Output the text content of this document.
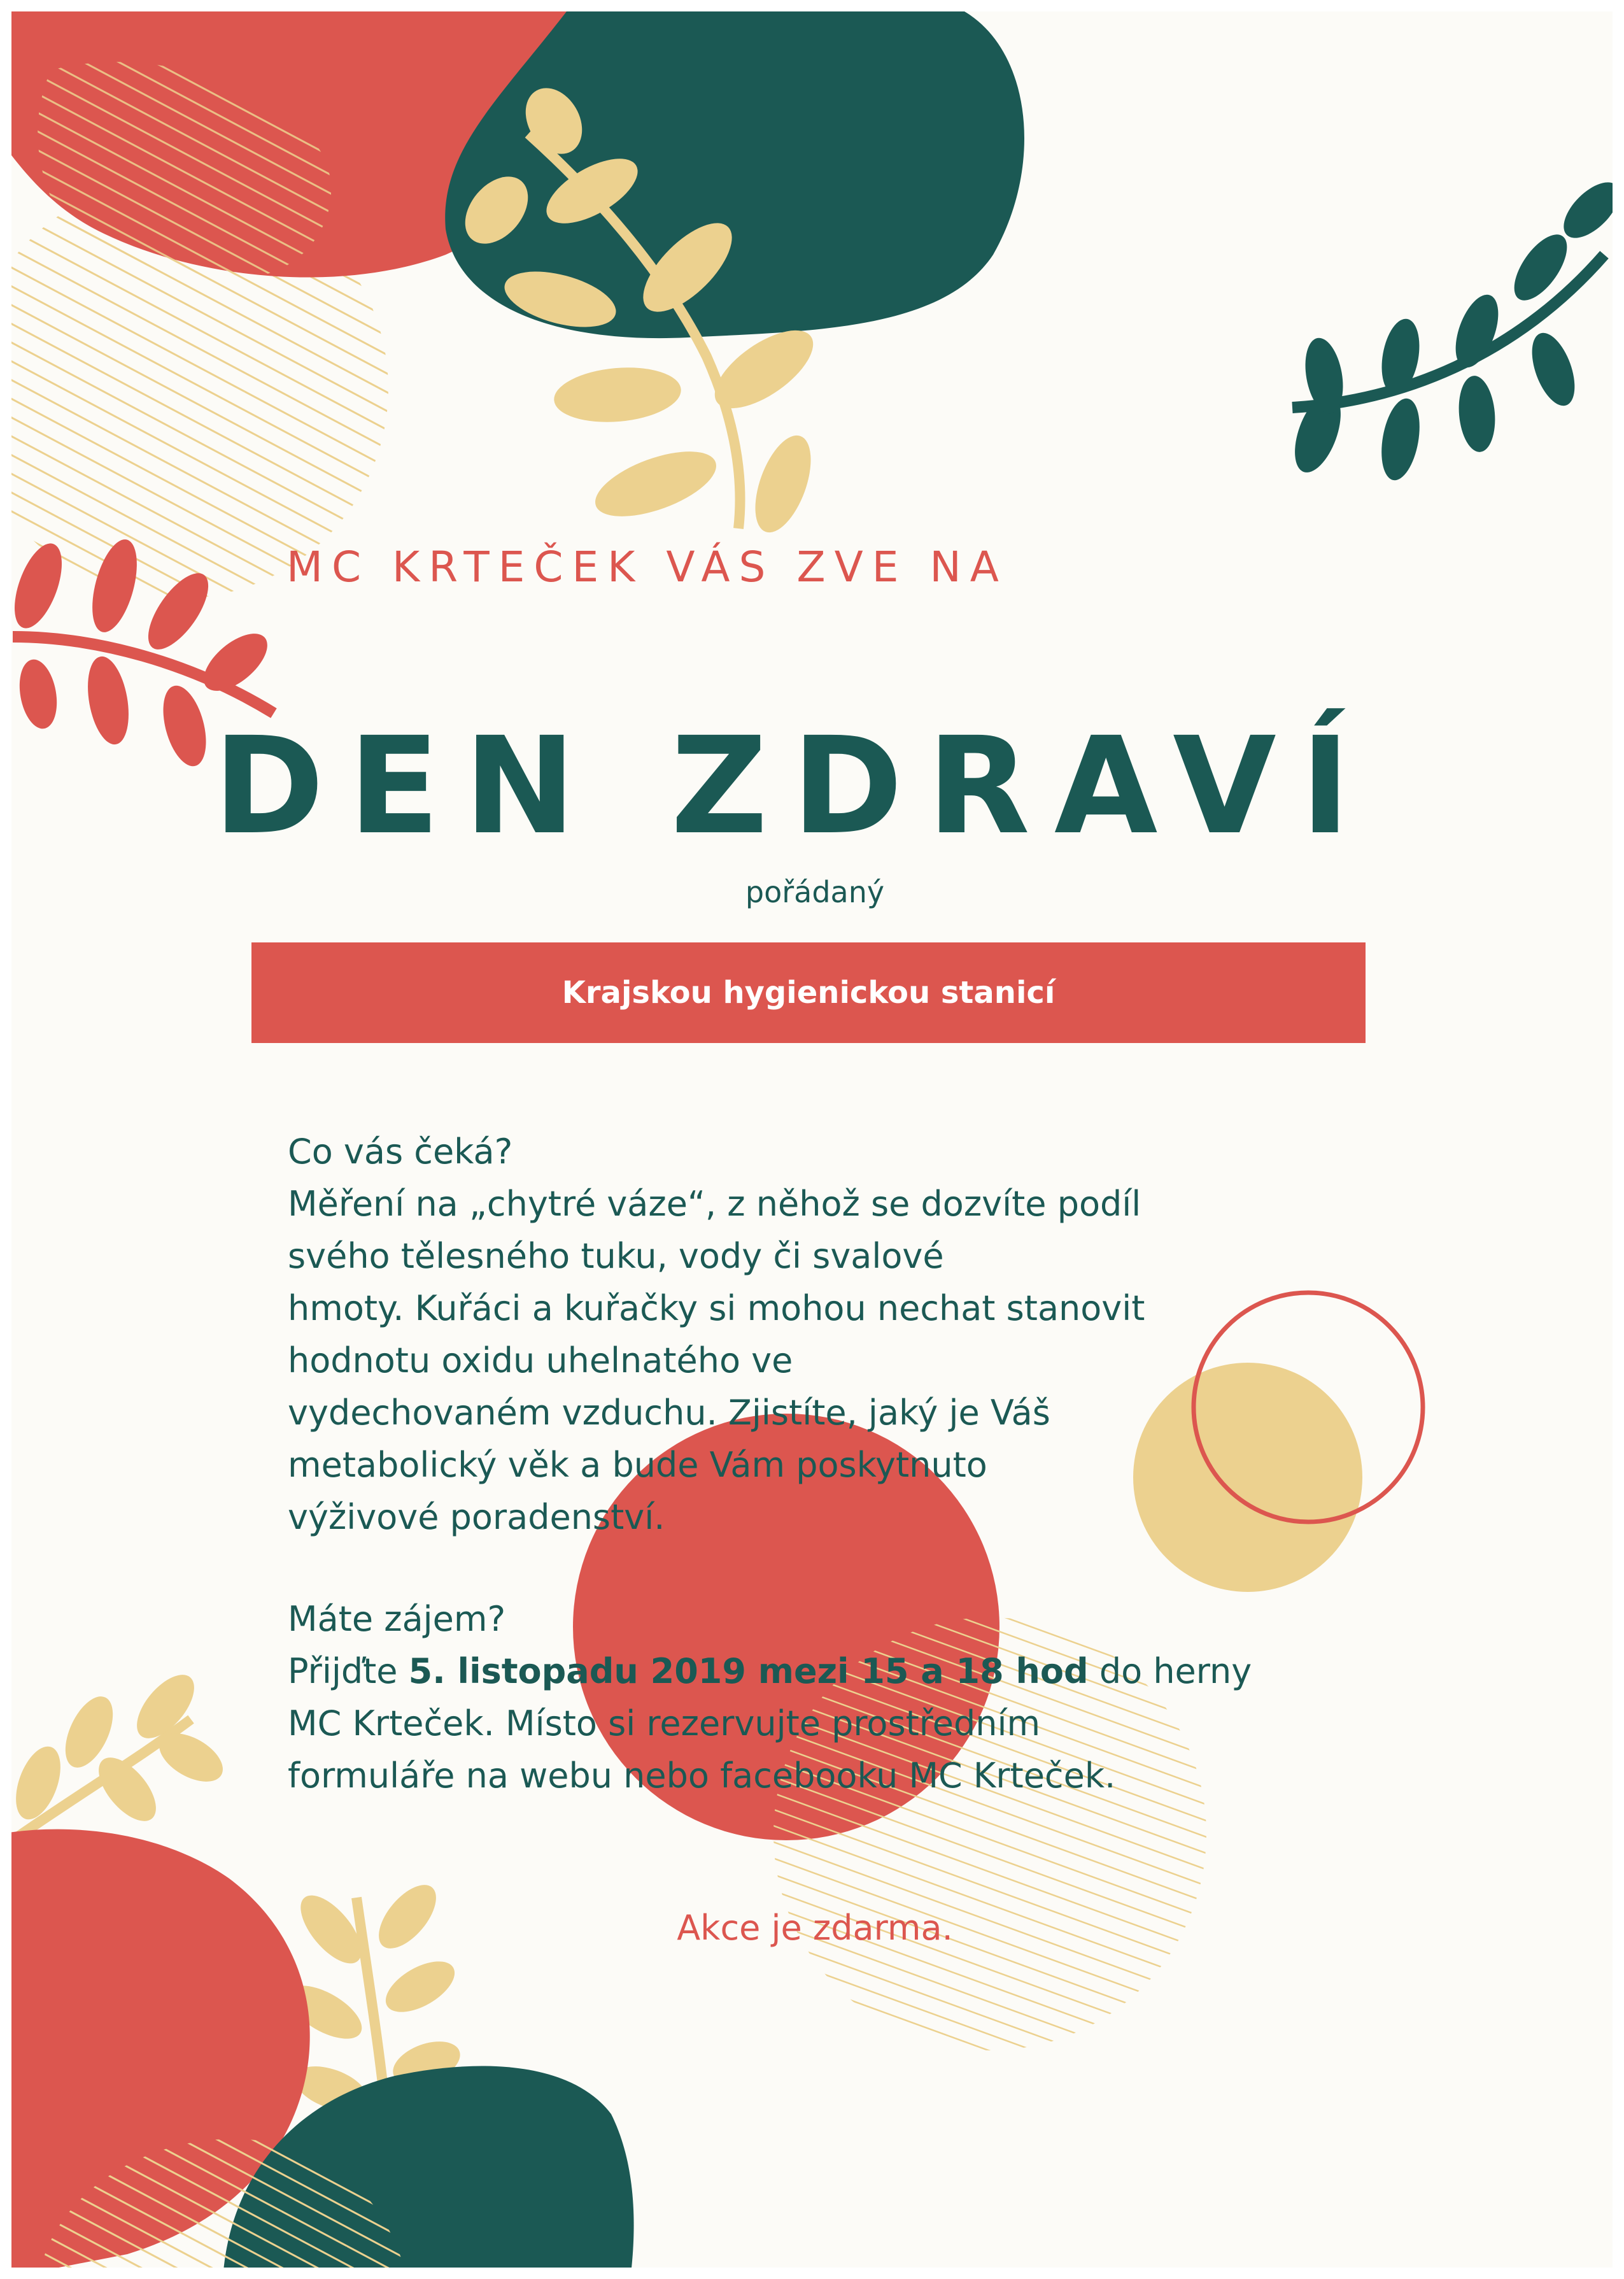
MC KRTEČEK VÁS ZVE NA

DEN ZDRAVÍ

pořádaný

Krajskou hygienickou stanicí
Co vás čeká?
Měření na „chytré váze“, z něhož se dozvíte podíl
svého tělesného tuku, vody či svalové
hmoty. Kuřáci a kuřačky si mohou nechat stanovit
hodnotu oxidu uhelnatého ve
vydechovaném vzduchu. Zjistíte, jaký je Váš
metabolický věk a bude Vám poskytnuto
výživové poradenství.
Máte zájem?
Přijďte 5. listopadu 2019 mezi 15 a 18 hod do herny
MC Krteček. Místo si rezervujte prostředním
formuláře na webu nebo facebooku MC Krteček.

Akce je zdarma.
